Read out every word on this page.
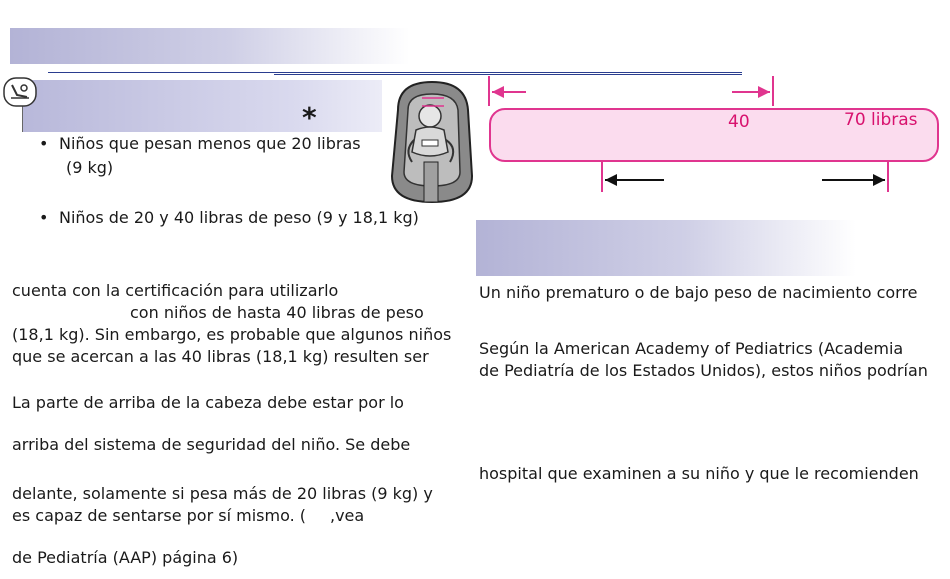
*
• Niños que pesan menos que 20 libras
(9 kg)
• Niños de 20 y 40 libras de peso (9 y 18,1 kg)
cuenta con la certificación para utilizarlo
con niños de hasta 40 libras de peso
(18,1 kg). Sin embargo, es probable que algunos niños
que se acercan a las 40 libras (18,1 kg) resulten ser
La parte de arriba de la cabeza debe estar por lo
arriba del sistema de seguridad del niño. Se debe
delante, solamente si pesa más de 20 libras (9 kg) y
es capaz de sentarse por sí mismo. ( ,vea
de Pediatría (AAP) página 6)
40	70 libras
Un niño prematuro o de bajo peso de nacimiento corre
Según la American Academy of Pediatrics (Academia
de Pediatría de los Estados Unidos), estos niños podrían
hospital que examinen a su niño y que le recomienden
